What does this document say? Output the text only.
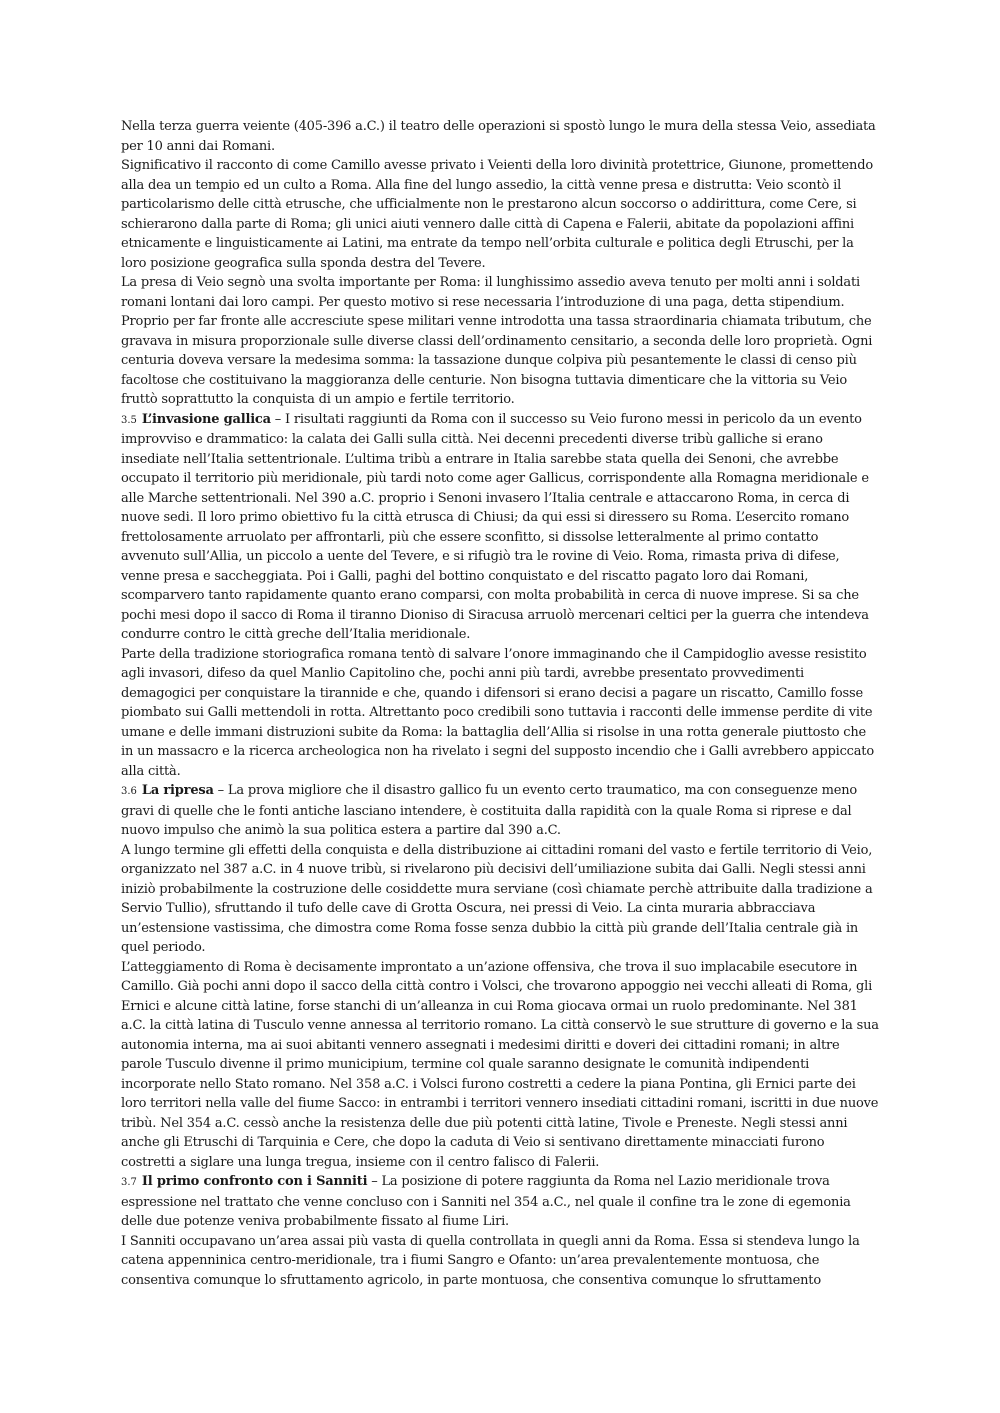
Nella terza guerra veiente (405-396 a.C.) il teatro delle operazioni si spostò lungo le mura della stessa Veio, assediata per 10 anni dai Romani.

Significativo il racconto di come Camillo avesse privato i Veienti della loro divinità protettrice, Giunone, promettendo alla dea un tempio ed un culto a Roma. Alla fine del lungo assedio, la città venne presa e distrutta: Veio scontò il particolarismo delle città etrusche, che ufficialmente non le prestarono alcun soccorso o addirittura, come Cere, si schierarono dalla parte di Roma; gli unici aiuti vennero dalle città di Capena e Falerii, abitate da popolazioni affini etnicamente e linguisticamente ai Latini, ma entrate da tempo nell’orbita culturale e politica degli Etruschi, per la loro posizione geografica sulla sponda destra del Tevere.

La presa di Veio segnò una svolta importante per Roma: il lunghissimo assedio aveva tenuto per molti anni i soldati romani lontani dai loro campi. Per questo motivo si rese necessaria l’introduzione di una paga, detta stipendium. Proprio per far fronte alle accresciute spese militari venne introdotta una tassa straordinaria chiamata tributum, che gravava in misura proporzionale sulle diverse classi dell’ordinamento censitario, a seconda delle loro proprietà. Ogni centuria doveva versare la medesima somma: la tassazione dunque colpiva più pesantemente le classi di censo più facoltose che costituivano la maggioranza delle centurie. Non bisogna tuttavia dimenticare che la vittoria su Veio fruttò soprattutto la conquista di un ampio e fertile territorio.

3.5 L’invasione gallica – I risultati raggiunti da Roma con il successo su Veio furono messi in pericolo da un evento improvviso e drammatico: la calata dei Galli sulla città. Nei decenni precedenti diverse tribù galliche si erano insediate nell’Italia settentrionale. L’ultima tribù a entrare in Italia sarebbe stata quella dei Senoni, che avrebbe occupato il territorio più meridionale, più tardi noto come ager Gallicus, corrispondente alla Romagna meridionale e alle Marche settentrionali. Nel 390 a.C. proprio i Senoni invasero l’Italia centrale e attaccarono Roma, in cerca di nuove sedi. Il loro primo obiettivo fu la città etrusca di Chiusi; da qui essi si diressero su Roma. L’esercito romano frettolosamente arruolato per affrontarli, più che essere sconfitto, si dissolse letteralmente al primo contatto avvenuto sull’Allia, un piccolo a uente del Tevere, e si rifugiò tra le rovine di Veio. Roma, rimasta priva di difese, venne presa e saccheggiata. Poi i Galli, paghi del bottino conquistato e del riscatto pagato loro dai Romani, scomparvero tanto rapidamente quanto erano comparsi, con molta probabilità in cerca di nuove imprese. Si sa che pochi mesi dopo il sacco di Roma il tiranno Dioniso di Siracusa arruolò mercenari celtici per la guerra che intendeva condurre contro le città greche dell’Italia meridionale.

Parte della tradizione storiografica romana tentò di salvare l’onore immaginando che il Campidoglio avesse resistito agli invasori, difeso da quel Manlio Capitolino che, pochi anni più tardi, avrebbe presentato provvedimenti demagogici per conquistare la tirannide e che, quando i difensori si erano decisi a pagare un riscatto, Camillo fosse piombato sui Galli mettendoli in rotta. Altrettanto poco credibili sono tuttavia i racconti delle immense perdite di vite umane e delle immani distruzioni subite da Roma: la battaglia dell’Allia si risolse in una rotta generale piuttosto che in un massacro e la ricerca archeologica non ha rivelato i segni del supposto incendio che i Galli avrebbero appiccato alla città.

3.6 La ripresa – La prova migliore che il disastro gallico fu un evento certo traumatico, ma con conseguenze meno gravi di quelle che le fonti antiche lasciano intendere, è costituita dalla rapidità con la quale Roma si riprese e dal nuovo impulso che animò la sua politica estera a partire dal 390 a.C.

A lungo termine gli effetti della conquista e della distribuzione ai cittadini romani del vasto e fertile territorio di Veio, organizzato nel 387 a.C. in 4 nuove tribù, si rivelarono più decisivi dell’umiliazione subita dai Galli. Negli stessi anni iniziò probabilmente la costruzione delle cosiddette mura serviane (così chiamate perchè attribuite dalla tradizione a Servio Tullio), sfruttando il tufo delle cave di Grotta Oscura, nei pressi di Veio. La cinta muraria abbracciava un’estensione vastissima, che dimostra come Roma fosse senza dubbio la città più grande dell’Italia centrale già in quel periodo.

L’atteggiamento di Roma è decisamente improntato a un’azione offensiva, che trova il suo implacabile esecutore in Camillo. Già pochi anni dopo il sacco della città contro i Volsci, che trovarono appoggio nei vecchi alleati di Roma, gli Ernici e alcune città latine, forse stanchi di un’alleanza in cui Roma giocava ormai un ruolo predominante. Nel 381 a.C. la città latina di Tusculo venne annessa al territorio romano. La città conservò le sue strutture di governo e la sua autonomia interna, ma ai suoi abitanti vennero assegnati i medesimi diritti e doveri dei cittadini romani; in altre parole Tusculo divenne il primo municipium, termine col quale saranno designate le comunità indipendenti incorporate nello Stato romano. Nel 358 a.C. i Volsci furono costretti a cedere la piana Pontina, gli Ernici parte dei loro territori nella valle del fiume Sacco: in entrambi i territori vennero insediati cittadini romani, iscritti in due nuove tribù. Nel 354 a.C. cessò anche la resistenza delle due più potenti città latine, Tivole e Preneste. Negli stessi anni anche gli Etruschi di Tarquinia e Cere, che dopo la caduta di Veio si sentivano direttamente minacciati furono costretti a siglare una lunga tregua, insieme con il centro falisco di Falerii.

3.7 Il primo confronto con i Sanniti – La posizione di potere raggiunta da Roma nel Lazio meridionale trova espressione nel trattato che venne concluso con i Sanniti nel 354 a.C., nel quale il confine tra le zone di egemonia delle due potenze veniva probabilmente fissato al fiume Liri.

I Sanniti occupavano un’area assai più vasta di quella controllata in quegli anni da Roma. Essa si stendeva lungo la catena appenninica centro-meridionale, tra i fiumi Sangro e Ofanto: un’area prevalentemente montuosa, che consentiva comunque lo sfruttamento agricolo, in parte montuosa, che consentiva comunque lo sfruttamento
